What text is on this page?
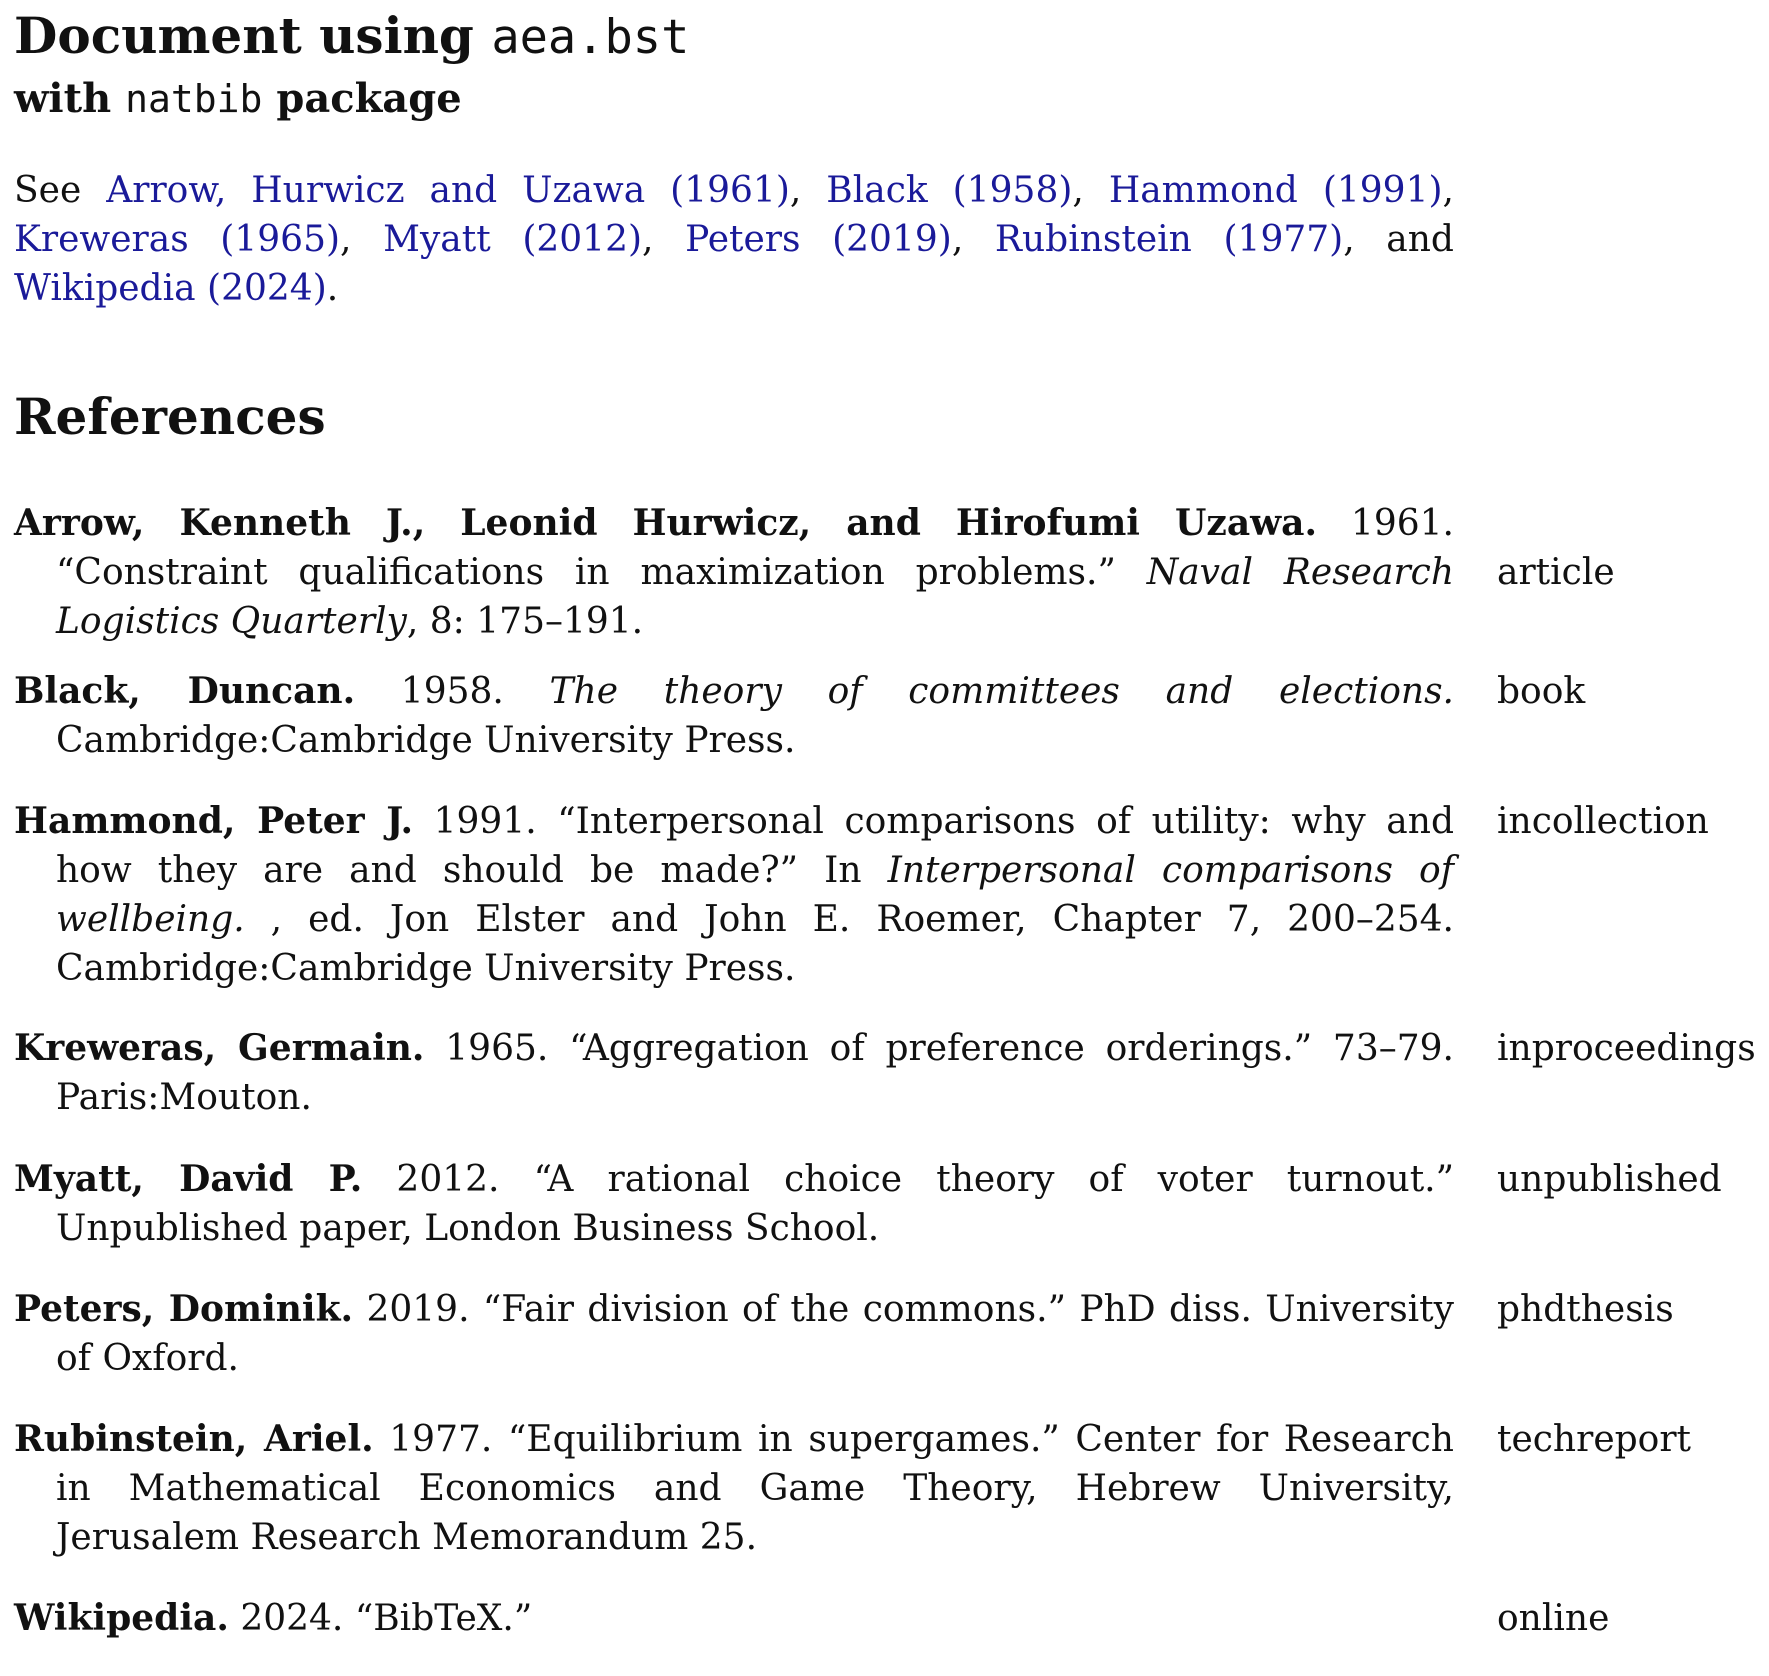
Document using aea.bst
with natbib package
See Arrow, Hurwicz and Uzawa (1961), Black (1958), Hammond (1991), Kreweras (1965), Myatt (2012), Peters (2019), Rubinstein (1977), and Wikipedia (2024).
References
Arrow, Kenneth J., Leonid Hurwicz, and Hirofumi Uzawa. 1961. “Constraint qualifications in maximization problems.” Naval Research Logistics Quarterly, 8: 175–191.
article
Black, Duncan. 1958. The theory of committees and elections. Cambridge:Cambridge University Press.
book
Hammond, Peter J. 1991. “Interpersonal comparisons of utility: why and how they are and should be made?” In Interpersonal comparisons of wellbeing. , ed. Jon Elster and John E. Roemer, Chapter 7, 200–254. Cambridge:Cambridge University Press.
incollection
Kreweras, Germain. 1965. “Aggregation of preference orderings.” 73–79. Paris:Mouton.
inproceedings
Myatt, David P. 2012. “A rational choice theory of voter turnout.” Unpublished paper, London Business School.
unpublished
Peters, Dominik. 2019. “Fair division of the commons.” PhD diss. University of Oxford.
phdthesis
Rubinstein, Ariel. 1977. “Equilibrium in supergames.” Center for Research in Mathematical Economics and Game Theory, Hebrew University, Jerusalem Research Memorandum 25.
techreport
Wikipedia. 2024. “BibTeX.”	online
